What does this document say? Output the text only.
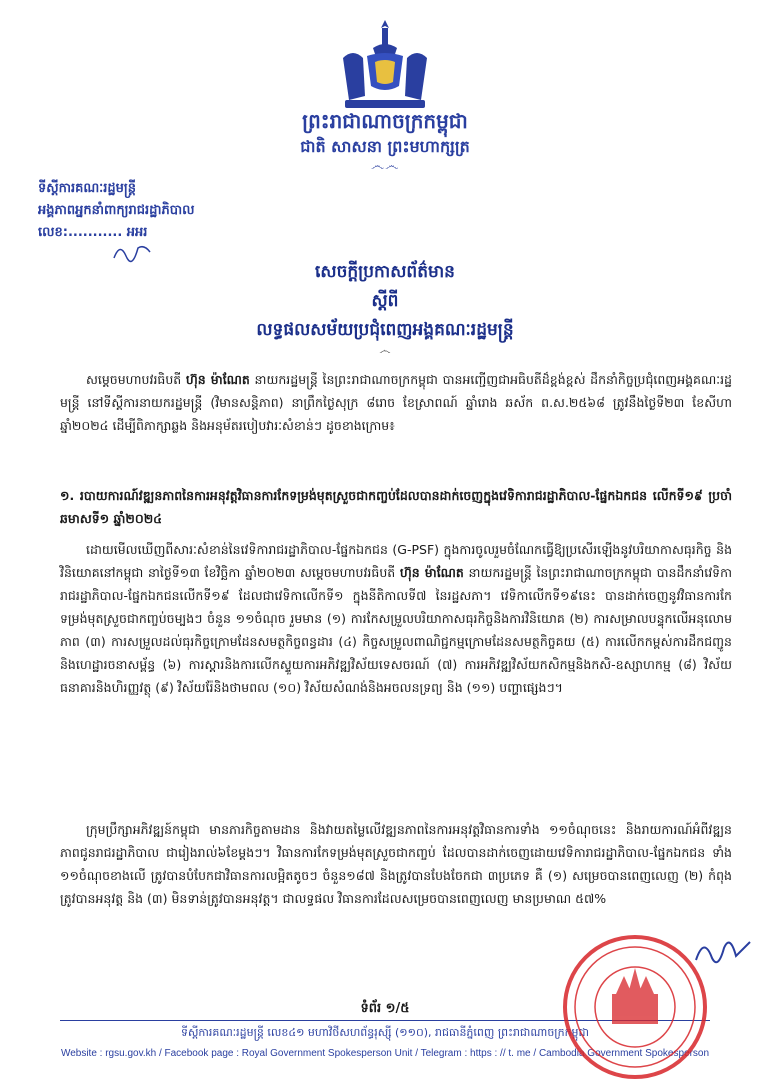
ព្រះរាជាណាចក្រកម្ពុជា
ជាតិ សាសនា ព្រះមហាក្សត្រ
෴෴
ទីស្ដីការគណៈរដ្ឋមន្ត្រី
អង្គភាពអ្នកនាំពាក្យរាជរដ្ឋាភិបាល
លេខ:........... អអរ
សេចក្តីប្រកាសព័ត៌មាន
ស្តីពី
លទ្ធផលសម័យប្រជុំពេញអង្គគណៈរដ្ឋមន្ត្រី
෴
សម្តេចមហាបវរធិបតី ហ៊ុន ម៉ាណែត នាយករដ្ឋមន្ត្រី នៃព្រះរាជាណាចក្រកម្ពុជា បានអញ្ជើញជាអធិបតីដ៏ខ្ពង់ខ្ពស់ ដឹកនាំកិច្ចប្រជុំពេញអង្គគណៈរដ្ឋមន្ត្រី នៅទីស្ដីការនាយករដ្ឋមន្ត្រី (វិមានសន្តិភាព) នាព្រឹកថ្ងៃសុក្រ ៨រោច ខែស្រាពណ៍ ឆ្នាំរោង ឆស័ក ព.ស.២៥៦៨ ត្រូវនឹងថ្ងៃទី២៣ ខែសីហា ឆ្នាំ២០២៤ ដើម្បីពិភាក្សាឆ្លង និងអនុម័តរបៀបវារៈសំខាន់ៗ ដូចខាងក្រោម៖
១. របាយការណ៍វឌ្ឍនភាពនៃការអនុវត្តវិធានការកែទម្រង់មុតស្រួចជាកញ្ចប់ដែលបានដាក់ចេញក្នុងវេទិការាជរដ្ឋាភិបាល-ផ្នែកឯកជន លើកទី១៩ ប្រចាំឆមាសទី១ ឆ្នាំ២០២៤
ដោយមើលឃើញពីសារៈសំខាន់នៃវេទិការាជរដ្ឋាភិបាល-ផ្នែកឯកជន (G-PSF) ក្នុងការចូលរួមចំណែកធ្វើឱ្យប្រសើរឡើងនូវបរិយាកាសធុរកិច្ច និងវិនិយោគនៅកម្ពុជា នាថ្ងៃទី១៣ ខែវិច្ឆិកា ឆ្នាំ២០២៣ សម្តេចមហាបវរធិបតី ហ៊ុន ម៉ាណែត នាយករដ្ឋមន្ត្រី នៃព្រះរាជាណាចក្រកម្ពុជា បានដឹកនាំវេទិការាជរដ្ឋាភិបាល-ផ្នែកឯកជនលើកទី១៩ ដែលជាវេទិកាលើកទី១ ក្នុងនីតិកាលទី៧ នៃរដ្ឋសភា។ វេទិកាលើកទី១៩នេះ បានដាក់ចេញនូវវិធានការកែទម្រង់មុតស្រួចជាកញ្ចប់ចម្បងៗ ចំនួន ១១ចំណុច រួមមាន (១) ការកែសម្រួលបរិយាកាសធុរកិច្ចនិងការវិនិយោគ (២) ការសម្រាលបន្ទុកលើអនុលោមភាព (៣) ការសម្រួលដល់ធុរកិច្ចក្រោមដែនសមត្ថកិច្ចពន្ធដារ (៤) កិច្ចសម្រួលពាណិជ្ជកម្មក្រោមដែនសមត្ថកិច្ចគយ (៥) ការលើកកម្ពស់ការដឹកជញ្ជូននិងហេដ្ឋារចនាសម្ព័ន្ធ (៦) ការស្តារនិងការលើកស្ទួយការអភិវឌ្ឍវិស័យទេសចរណ៍ (៧) ការអភិវឌ្ឍវិស័យកសិកម្មនិងកសិ-ឧស្សាហកម្ម (៨) វិស័យធនាគារនិងហិរញ្ញវត្ថុ (៩) វិស័យរ៉ែនិងថាមពល (១០) វិស័យសំណង់និងអចលនទ្រព្យ និង (១១) បញ្ហាផ្សេងៗ។
ក្រុមប្រឹក្សាអភិវឌ្ឍន៍កម្ពុជា មានភារកិច្ចតាមដាន និងវាយតម្លៃលើវឌ្ឍនភាពនៃការអនុវត្តវិធានការទាំង ១១ចំណុចនេះ និងរាយការណ៍អំពីវឌ្ឍនភាពជូនរាជរដ្ឋាភិបាល ជារៀងរាល់៦ខែម្តងៗ។ វិធានការកែទម្រង់មុតស្រួចជាកញ្ចប់ ដែលបានដាក់ចេញដោយវេទិការាជរដ្ឋាភិបាល-ផ្នែកឯកជន ទាំង ១១ចំណុចខាងលើ ត្រូវបានបំបែកជាវិធានការលម្អិតតូចៗ ចំនួន១៨៧ និងត្រូវបានបែងចែកជា ៣ប្រភេទ គឺ (១) សម្រេចបានពេញលេញ (២) កំពុងត្រូវបានអនុវត្ត និង (៣) មិនទាន់ត្រូវបានអនុវត្ត។ ជាលទ្ធផល វិធានការដែលសម្រេចបានពេញលេញ មានប្រមាណ ៥៧%
ទំព័រ ១/៥
ទីស្ដីការគណៈរដ្ឋមន្ត្រី លេខ៤១ មហាវិថីសហព័ន្ធរុស្ស៊ី (១១០), រាជធានីភ្នំពេញ ព្រះរាជាណាចក្រកម្ពុជា
Website : rgsu.gov.kh / Facebook page : Royal Government Spokesperson Unit / Telegram : https : // t. me / Cambodia Government Spokesperson
